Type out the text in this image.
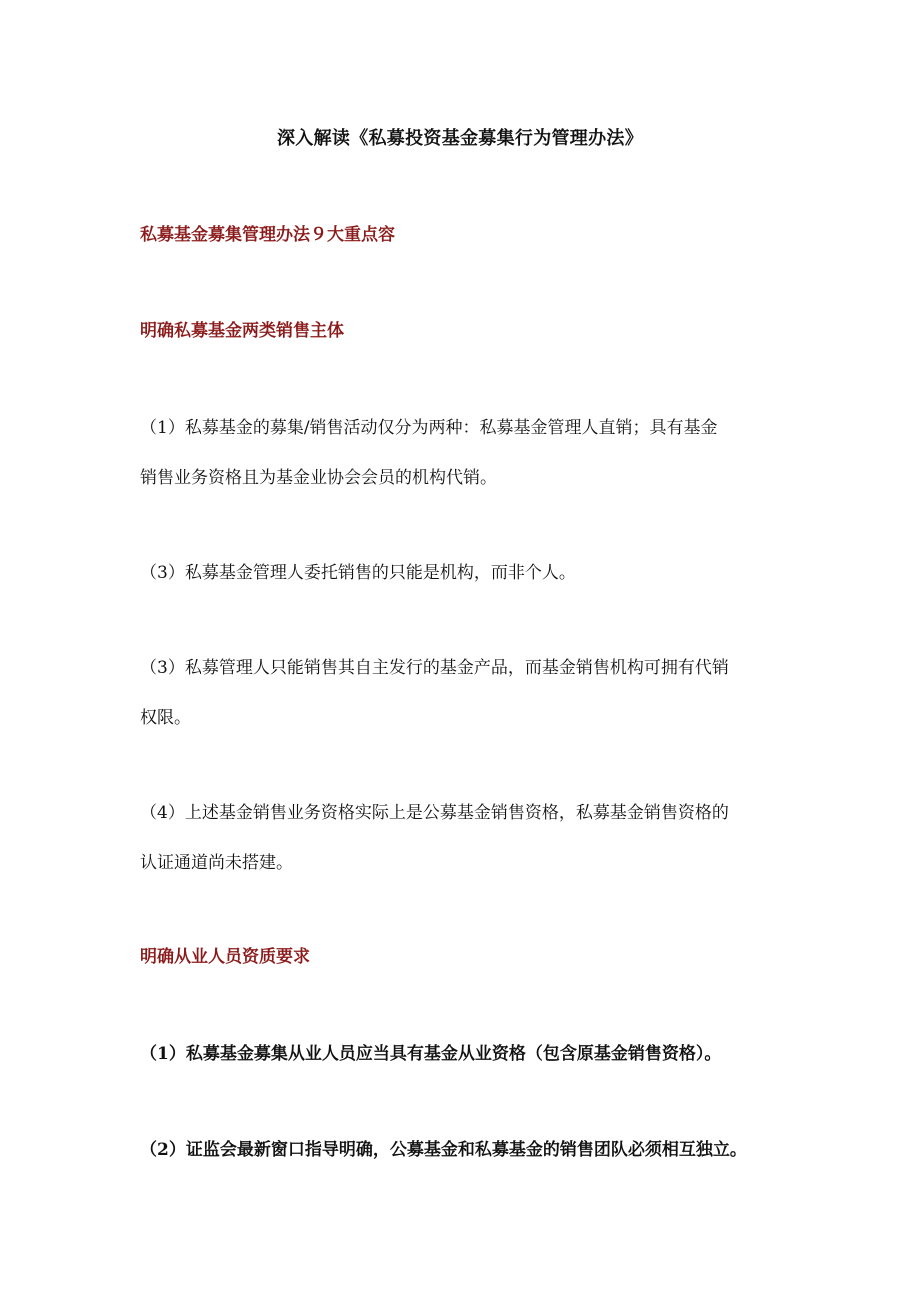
深入解读《私募投资基金募集行为管理办法》
私募基金募集管理办法９大重点容
明确私募基金两类销售主体

（1）私募基金的募集/销售活动仅分为两种：私募基金管理人直销；具有基金
销售业务资格且为基金业协会会员的机构代销。

（3）私募基金管理人委托销售的只能是机构，而非个人。

（3）私募管理人只能销售其自主发行的基金产品，而基金销售机构可拥有代销
权限。

（4）上述基金销售业务资格实际上是公募基金销售资格，私募基金销售资格的
认证通道尚未搭建。

明确从业人员资质要求

（1）私募基金募集从业人员应当具有基金从业资格（包含原基金销售资格）。

（2）证监会最新窗口指导明确，公募基金和私募基金的销售团队必须相互独立。
